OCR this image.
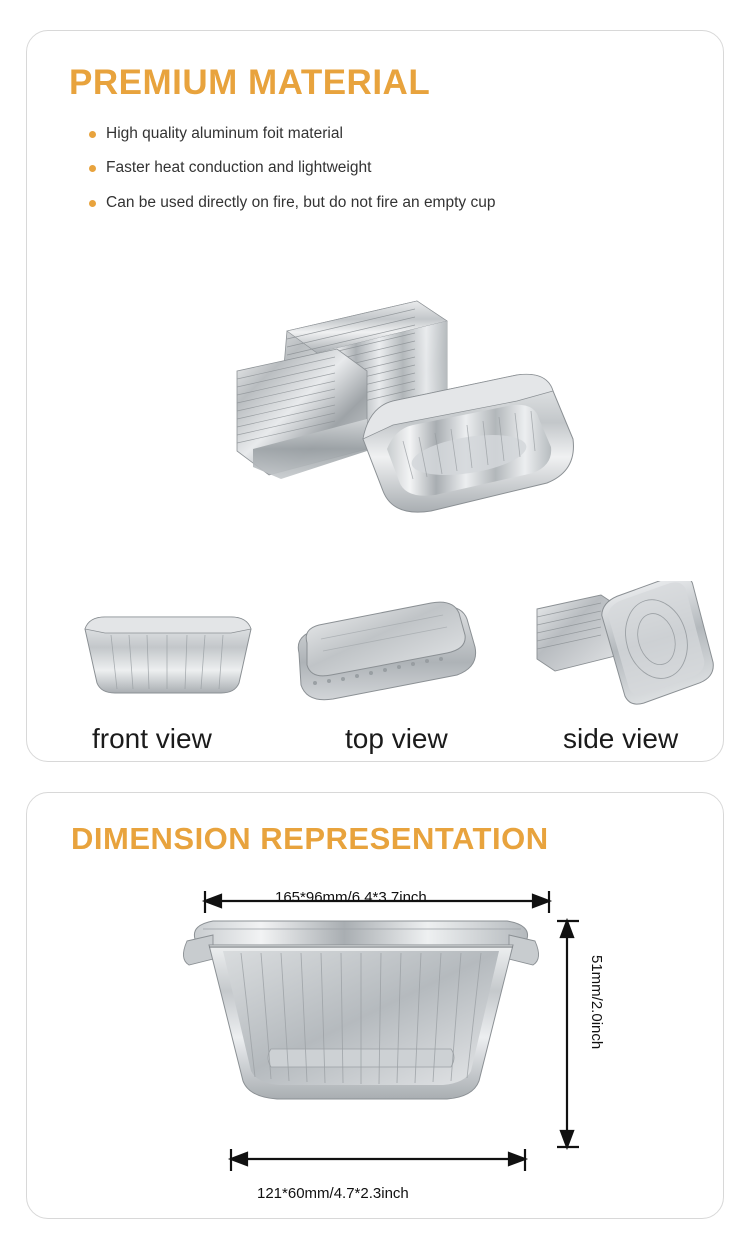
PREMIUM MATERIAL
High quality aluminum foit material
Faster heat conduction and lightweight
Can be used directly on fire, but do not fire an empty cup
front view	top view	side view
DIMENSION REPRESENTATION
165*96mm/6.4*3.7inch
121*60mm/4.7*2.3inch
51mm/2.0inch
